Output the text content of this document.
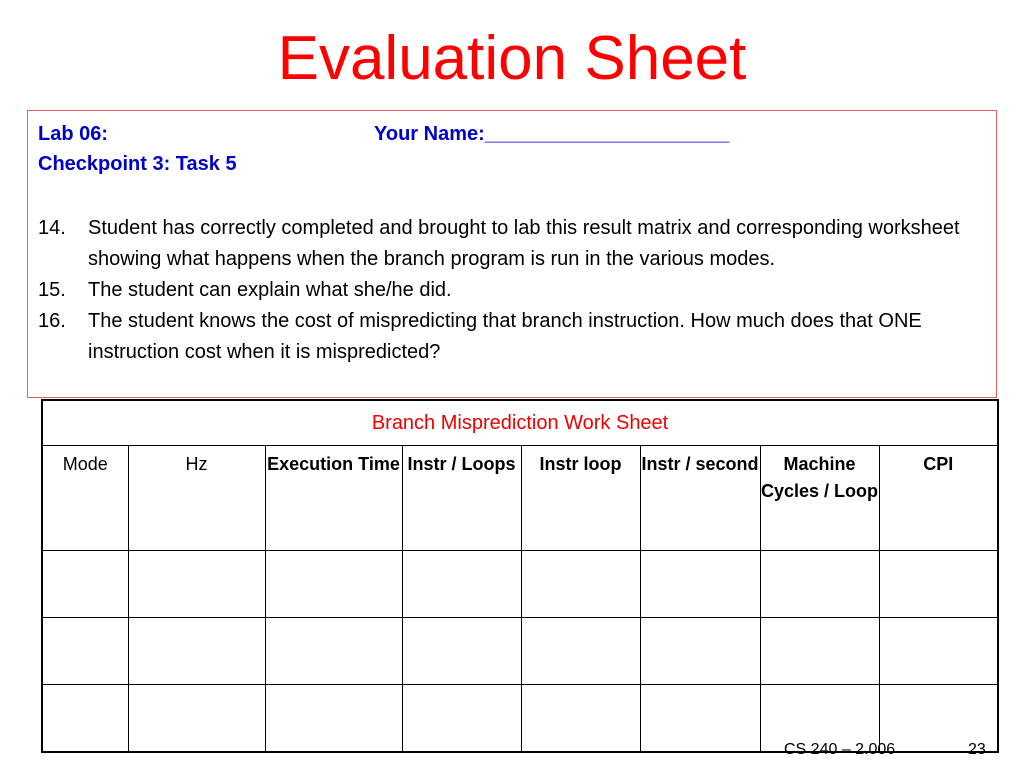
Evaluation Sheet
Lab 06:	Your Name:______________________
Checkpoint 3: Task 5
14.	Student has correctly completed and brought to lab this result matrix and corresponding worksheet showing what happens when the branch program is run in the various modes.
15.	The student can explain what she/he did.
16.	The student knows the cost of mispredicting that branch instruction. How much does that ONE instruction cost when it is mispredicted?
Branch Misprediction Work Sheet							
Mode	Hz	Execution Time	Instr / Loops	Instr loop	Instr / second	Machine Cycles / Loop	CPI

CS 240 – 2.006	23
